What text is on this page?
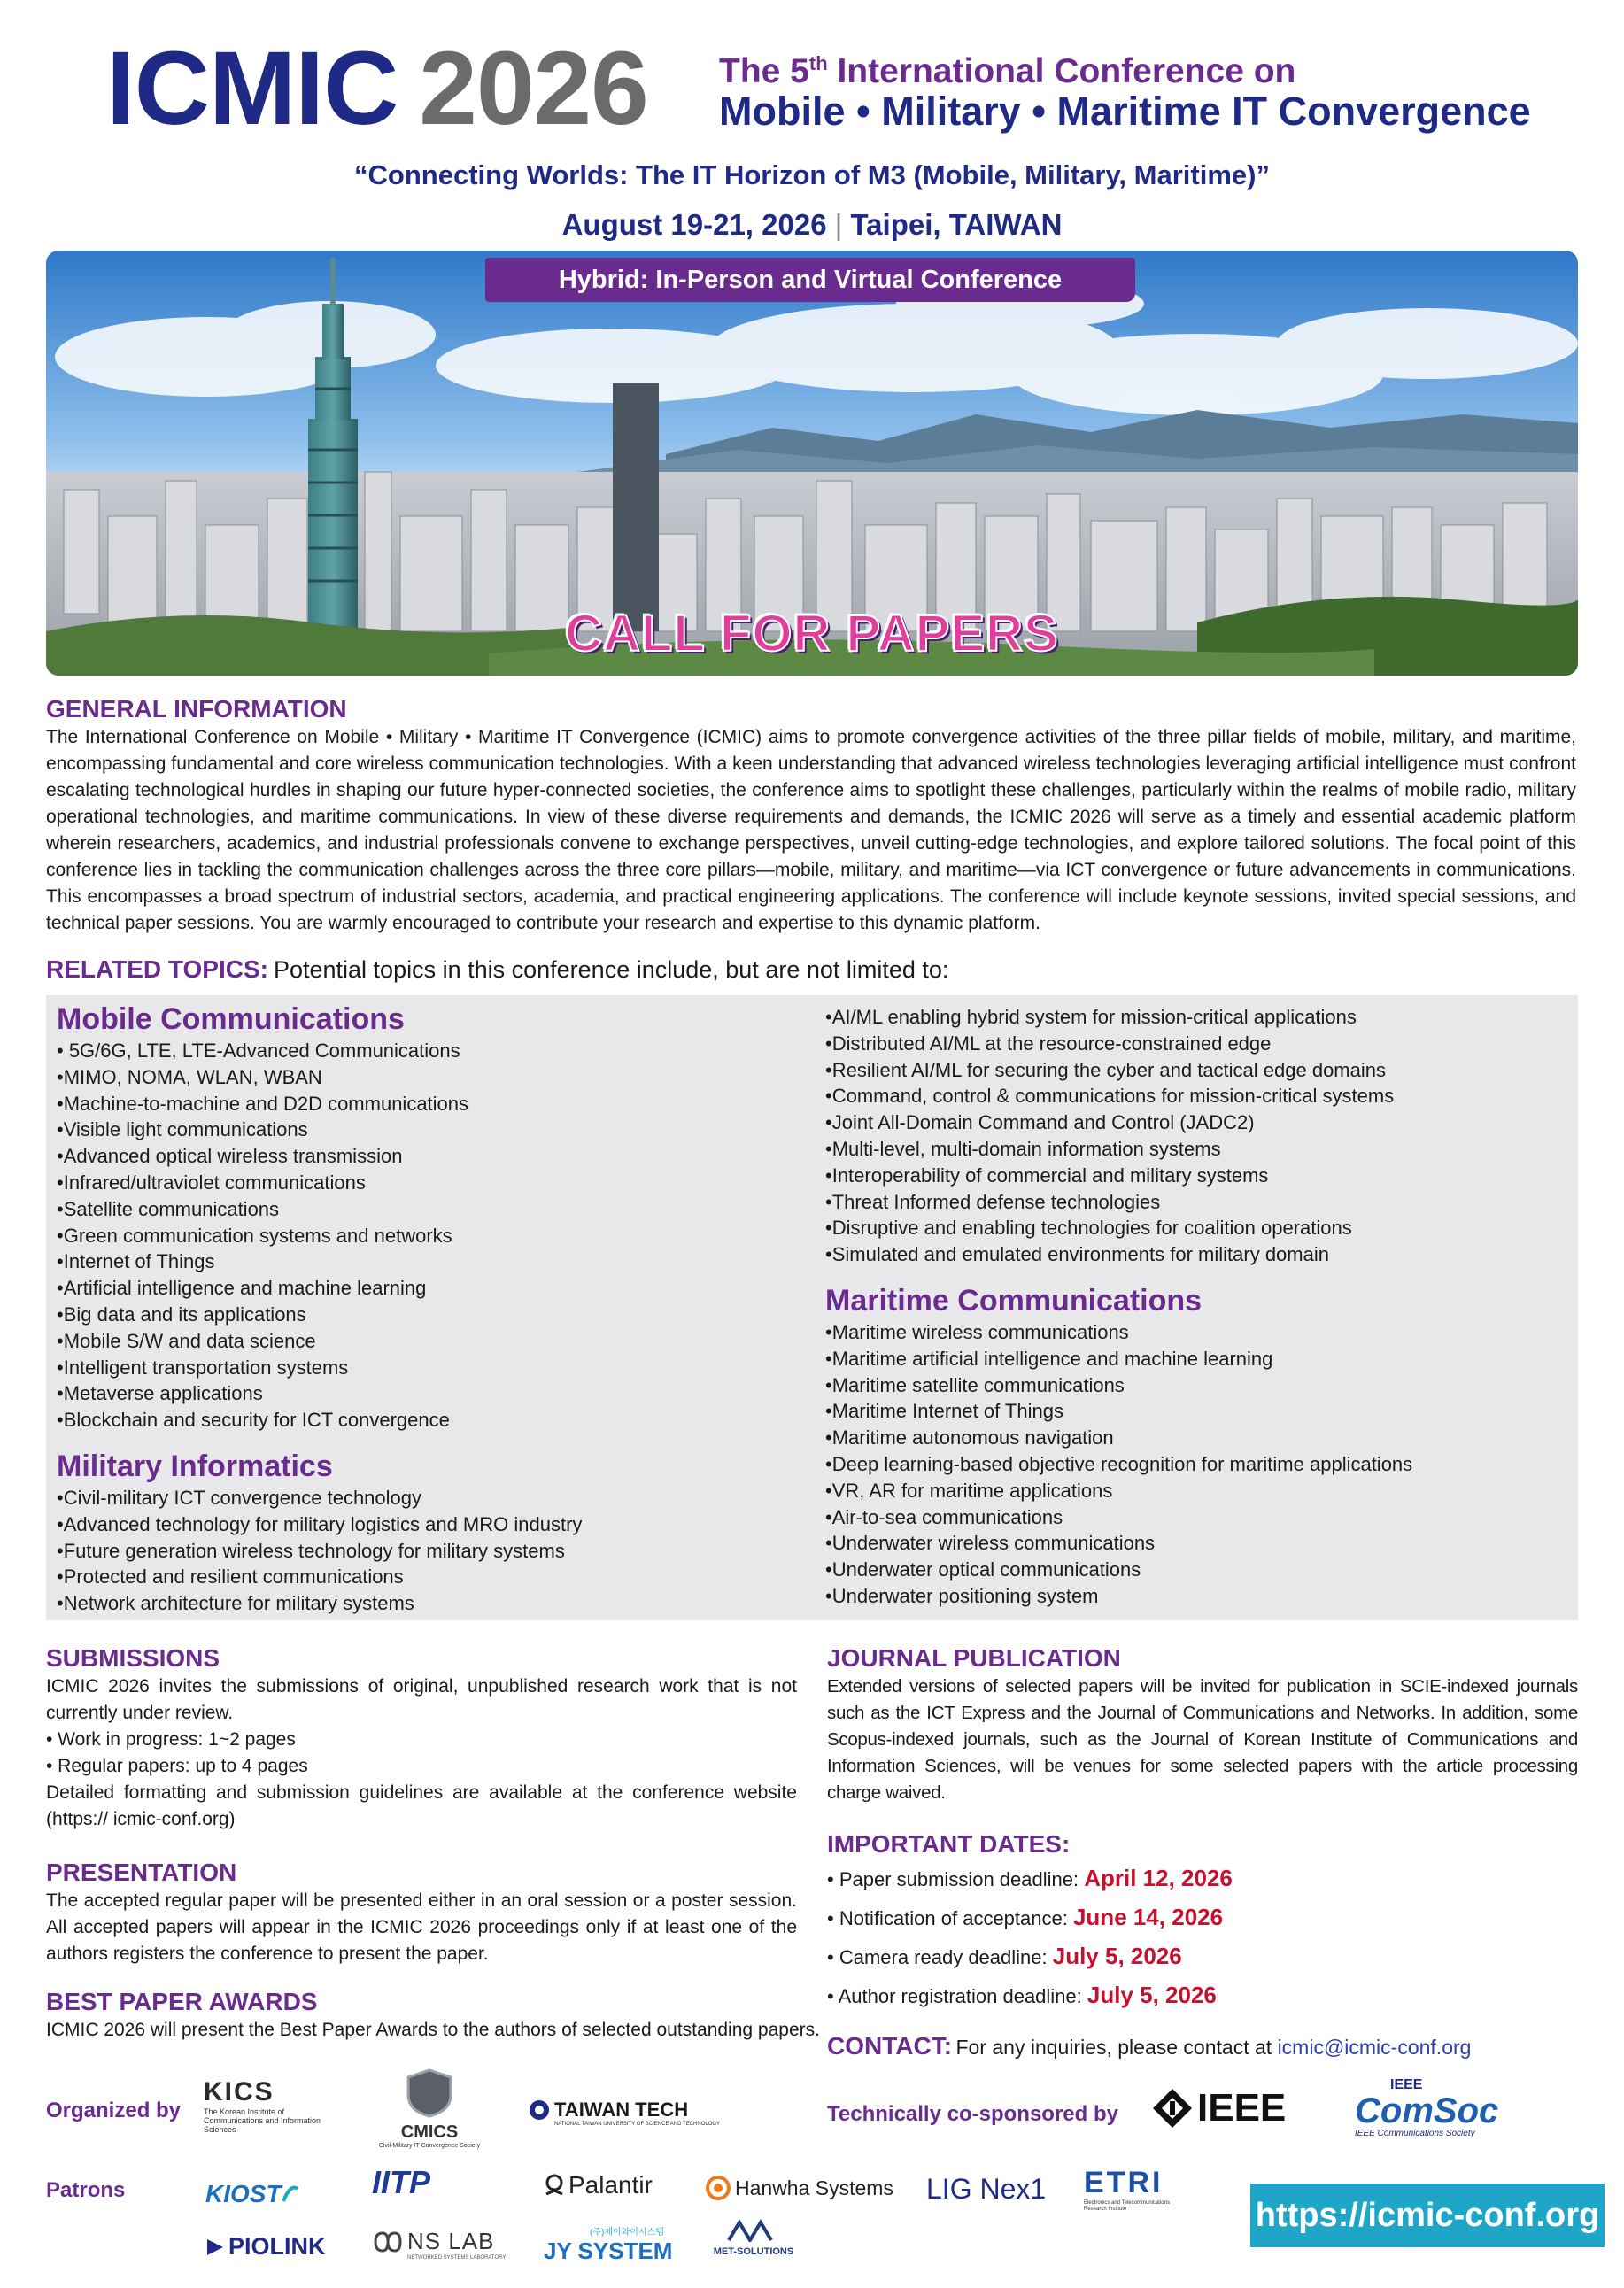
ICMIC 2026 The 5th International Conference on
Mobile • Military • Maritime IT Convergence
“Connecting Worlds: The IT Horizon of M3 (Mobile, Military, Maritime)”
August 19-21, 2026 | Taipei, TAIWAN
Hybrid: In-Person and Virtual Conference
CALL FOR PAPERS
GENERAL INFORMATION
The International Conference on Mobile • Military • Maritime IT Convergence (ICMIC) aims to promote convergence activities of the three pillar fields of mobile, military, and maritime, encompassing fundamental and core wireless communication technologies. With a keen understanding that advanced wireless technologies leveraging artificial intelligence must confront escalating technological hurdles in shaping our future hyper-connected societies, the conference aims to spotlight these challenges, particularly within the realms of mobile radio, military operational technologies, and maritime communications. In view of these diverse requirements and demands, the ICMIC 2026 will serve as a timely and essential academic platform wherein researchers, academics, and industrial professionals convene to exchange perspectives, unveil cutting-edge technologies, and explore tailored solutions. The focal point of this conference lies in tackling the communication challenges across the three core pillars—mobile, military, and maritime—via ICT convergence or future advancements in communications. This encompasses a broad spectrum of industrial sectors, academia, and practical engineering applications. The conference will include keynote sessions, invited special sessions, and technical paper sessions. You are warmly encouraged to contribute your research and expertise to this dynamic platform.
RELATED TOPICS: Potential topics in this conference include, but are not limited to:
Mobile Communications
• 5G/6G, LTE, LTE-Advanced Communications
•MIMO, NOMA, WLAN, WBAN
•Machine-to-machine and D2D communications
•Visible light communications
•Advanced optical wireless transmission
•Infrared/ultraviolet communications
•Satellite communications
•Green communication systems and networks
•Internet of Things
•Artificial intelligence and machine learning
•Big data and its applications
•Mobile S/W and data science
•Intelligent transportation systems
•Metaverse applications
•Blockchain and security for ICT convergence
Military Informatics
•Civil-military ICT convergence technology
•Advanced technology for military logistics and MRO industry
•Future generation wireless technology for military systems
•Protected and resilient communications
•Network architecture for military systems
•AI/ML enabling hybrid system for mission-critical applications
•Distributed AI/ML at the resource-constrained edge
•Resilient AI/ML for securing the cyber and tactical edge domains
•Command, control & communications for mission-critical systems
•Joint All-Domain Command and Control (JADC2)
•Multi-level, multi-domain information systems
•Interoperability of commercial and military systems
•Threat Informed defense technologies
•Disruptive and enabling technologies for coalition operations
•Simulated and emulated environments for military domain
Maritime Communications
•Maritime wireless communications
•Maritime artificial intelligence and machine learning
•Maritime satellite communications
•Maritime Internet of Things
•Maritime autonomous navigation
•Deep learning-based objective recognition for maritime applications
•VR, AR for maritime applications
•Air-to-sea communications
•Underwater wireless communications
•Underwater optical communications
•Underwater positioning system
SUBMISSIONS
ICMIC 2026 invites the submissions of original, unpublished research work that is not currently under review.
• Work in progress: 1~2 pages
• Regular papers: up to 4 pages
Detailed formatting and submission guidelines are available at the conference website (https:// icmic-conf.org)
PRESENTATION
The accepted regular paper will be presented either in an oral session or a poster session. All accepted papers will appear in the ICMIC 2026 proceedings only if at least one of the authors registers the conference to present the paper.
BEST PAPER AWARDS
ICMIC 2026 will present the Best Paper Awards to the authors of selected outstanding papers.
JOURNAL PUBLICATION
Extended versions of selected papers will be invited for publication in SCIE-indexed journals such as the ICT Express and the Journal of Communications and Networks. In addition, some Scopus-indexed journals, such as the Journal of Korean Institute of Communications and Information Sciences, will be venues for some selected papers with the article processing charge waived.
IMPORTANT DATES:
• Paper submission deadline: April 12, 2026
• Notification of acceptance: June 14, 2026
• Camera ready deadline: July 5, 2026
• Author registration deadline: July 5, 2026
CONTACT: For any inquiries, please contact at icmic@icmic-conf.org
Organized by	Technically co-sponsored by
Patrons
KICS
The Korean Institute of Communications and Information Sciences	CMICS
Civil-Military IT Convergence Society
TAIWAN TECH
NATIONAL TAIWAN UNIVERSITY OF SCIENCE AND TECHNOLOGY	IEEE
IEEE
ComSoc
IEEE Communications Society
KIOST	IITP	Palantir	Hanwha Systems LIG Nex1 ETRI
Electronics and Telecommunications Research Institute
PIOLINK	NS LAB
NETWORKED SYSTEMS LABORATORY
(주)제이와이시스템
JY SYSTEM	MET-SOLUTIONS
https://icmic-conf.org
